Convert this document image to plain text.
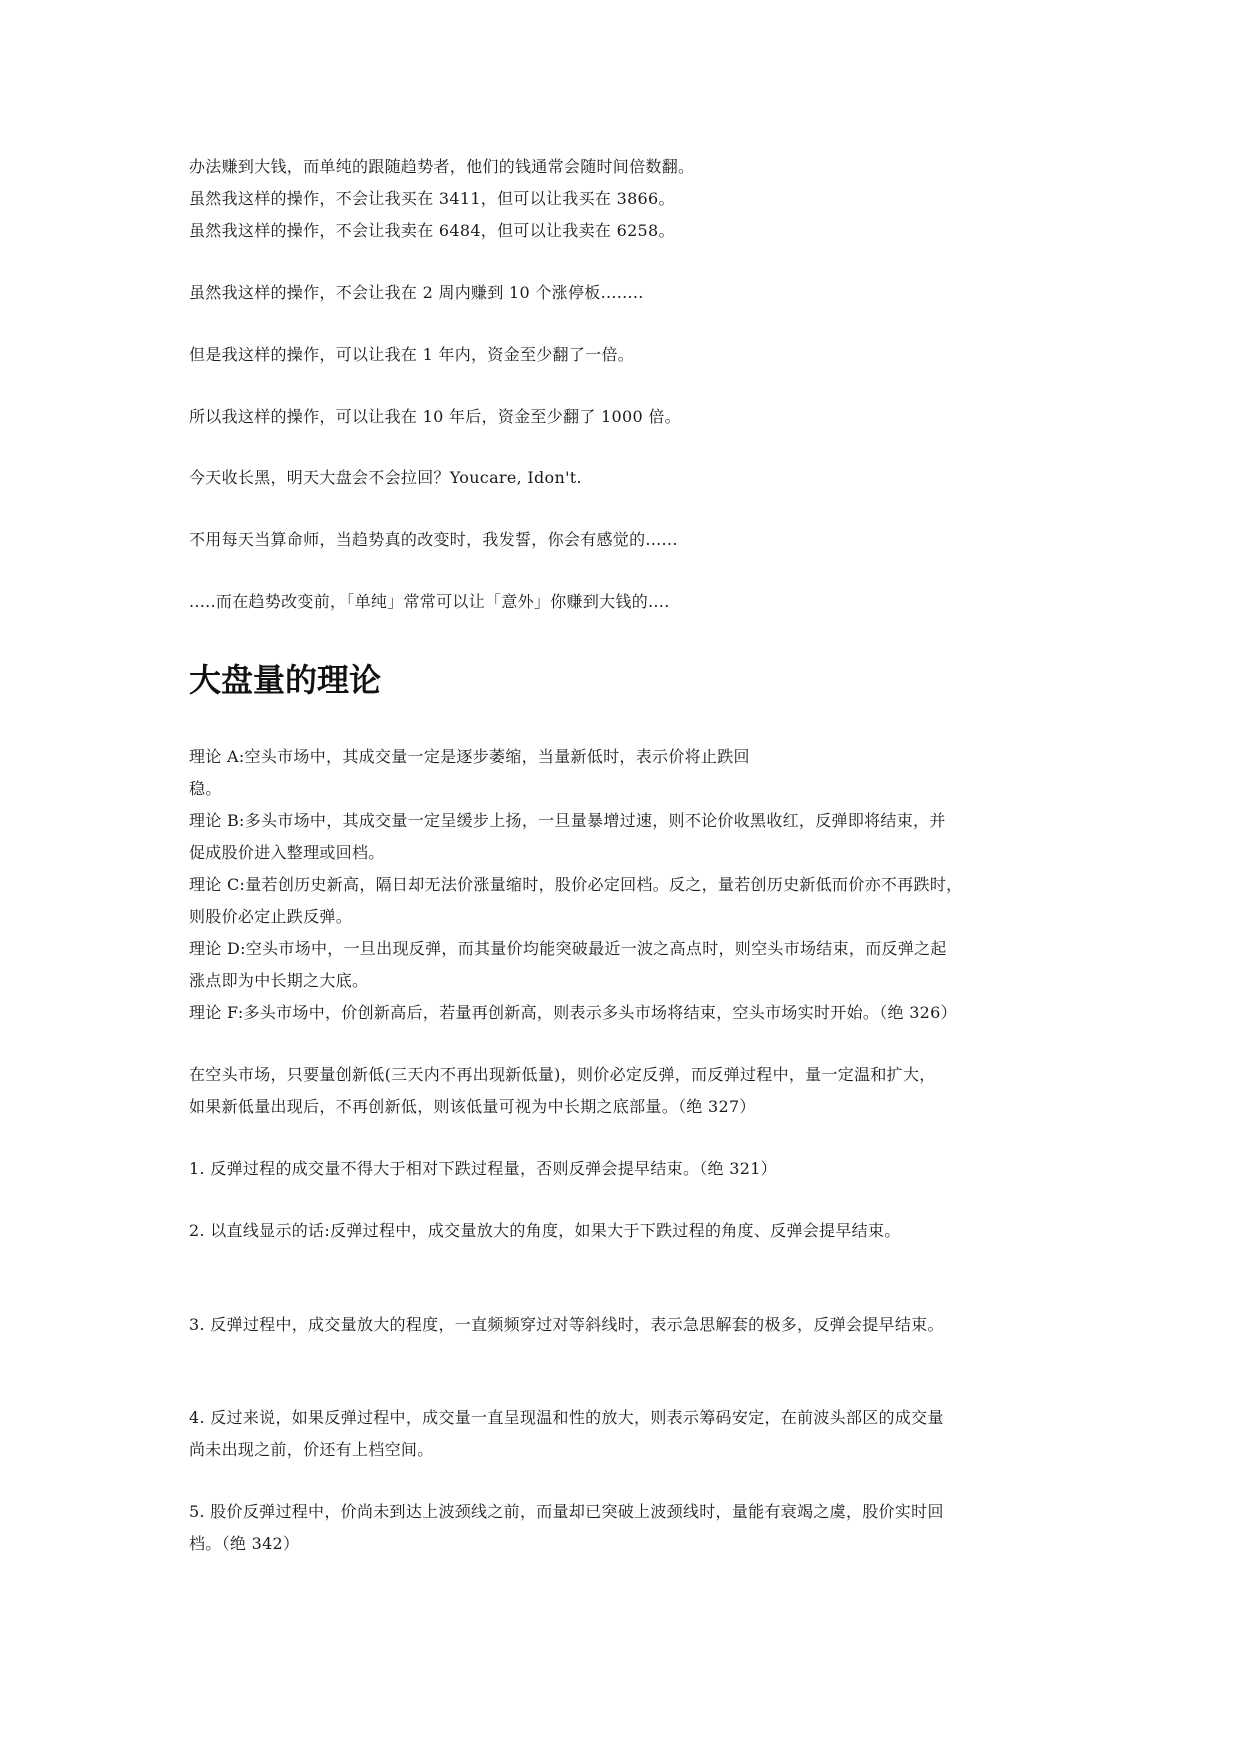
办法赚到大钱，而单纯的跟随趋势者，他们的钱通常会随时间倍数翻。
虽然我这样的操作，不会让我买在 3411，但可以让我买在 3866。
虽然我这样的操作，不会让我卖在 6484，但可以让我卖在 6258。
虽然我这样的操作，不会让我在 2 周内赚到 10 个涨停板........
但是我这样的操作，可以让我在 1 年内，资金至少翻了一倍。
所以我这样的操作，可以让我在 10 年后，资金至少翻了 1000 倍。
今天收长黑，明天大盘会不会拉回？Youcare, Idon't.
不用每天当算命师，当趋势真的改变时，我发誓，你会有感觉的......
.....而在趋势改变前，「单纯」常常可以让「意外」你赚到大钱的....
大盘量的理论
理论 A:空头市场中，其成交量一定是逐步萎缩，当量新低时，表示价将止跌回
稳。
理论 B:多头市场中，其成交量一定呈缓步上扬，一旦量暴增过速，则不论价收黑收红，反弹即将结束，并
促成股价进入整理或回档。
理论 C:量若创历史新高，隔日却无法价涨量缩时，股价必定回档。反之，量若创历史新低而价亦不再跌时，
则股价必定止跌反弹。
理论 D:空头市场中，一旦出现反弹，而其量价均能突破最近一波之高点时，则空头市场结束，而反弹之起
涨点即为中长期之大底。
理论 F:多头市场中，价创新高后，若量再创新高，则表示多头市场将结束，空头市场实时开始。（绝 326）
在空头市场，只要量创新低(三天内不再出现新低量)，则价必定反弹，而反弹过程中，量一定温和扩大，
如果新低量出现后，不再创新低，则该低量可视为中长期之底部量。（绝 327）
1. 反弹过程的成交量不得大于相对下跌过程量，否则反弹会提早结束。（绝 321）
2. 以直线显示的话:反弹过程中，成交量放大的角度，如果大于下跌过程的角度、反弹会提早结束。
3. 反弹过程中，成交量放大的程度，一直频频穿过对等斜线时，表示急思解套的极多，反弹会提早结束。
4. 反过来说，如果反弹过程中，成交量一直呈现温和性的放大，则表示筹码安定，在前波头部区的成交量
尚未出现之前，价还有上档空间。
5. 股价反弹过程中，价尚未到达上波颈线之前，而量却已突破上波颈线时，量能有衰竭之虞，股价实时回
档。（绝 342）
